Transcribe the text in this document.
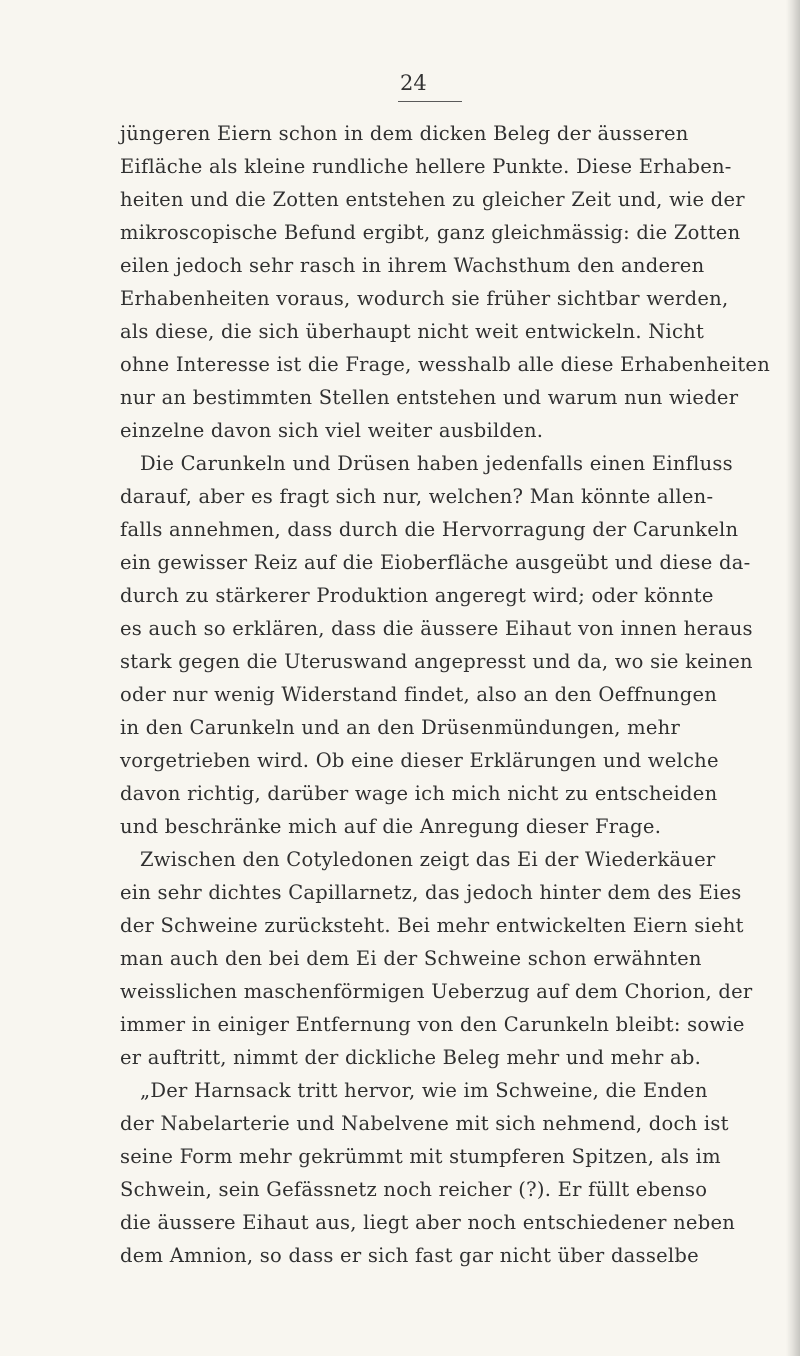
24
jüngeren Eiern schon in dem dicken Beleg der äusseren
Eifläche als kleine rundliche hellere Punkte. Diese Erhaben-
heiten und die Zotten entstehen zu gleicher Zeit und, wie der
mikroscopische Befund ergibt, ganz gleichmässig: die Zotten
eilen jedoch sehr rasch in ihrem Wachsthum den anderen
Erhabenheiten voraus, wodurch sie früher sichtbar werden,
als diese, die sich überhaupt nicht weit entwickeln. Nicht
ohne Interesse ist die Frage, wesshalb alle diese Erhabenheiten
nur an bestimmten Stellen entstehen und warum nun wieder
einzelne davon sich viel weiter ausbilden.
Die Carunkeln und Drüsen haben jedenfalls einen Einfluss
darauf, aber es fragt sich nur, welchen? Man könnte allen-
falls annehmen, dass durch die Hervorragung der Carunkeln
ein gewisser Reiz auf die Eioberfläche ausgeübt und diese da-
durch zu stärkerer Produktion angeregt wird; oder könnte
es auch so erklären, dass die äussere Eihaut von innen heraus
stark gegen die Uteruswand angepresst und da, wo sie keinen
oder nur wenig Widerstand findet, also an den Oeffnungen
in den Carunkeln und an den Drüsenmündungen, mehr
vorgetrieben wird. Ob eine dieser Erklärungen und welche
davon richtig, darüber wage ich mich nicht zu entscheiden
und beschränke mich auf die Anregung dieser Frage.
Zwischen den Cotyledonen zeigt das Ei der Wiederkäuer
ein sehr dichtes Capillarnetz, das jedoch hinter dem des Eies
der Schweine zurücksteht. Bei mehr entwickelten Eiern sieht
man auch den bei dem Ei der Schweine schon erwähnten
weisslichen maschenförmigen Ueberzug auf dem Chorion, der
immer in einiger Entfernung von den Carunkeln bleibt: sowie
er auftritt, nimmt der dickliche Beleg mehr und mehr ab.
„Der Harnsack tritt hervor, wie im Schweine, die Enden
der Nabelarterie und Nabelvene mit sich nehmend, doch ist
seine Form mehr gekrümmt mit stumpferen Spitzen, als im
Schwein, sein Gefässnetz noch reicher (?). Er füllt ebenso
die äussere Eihaut aus, liegt aber noch entschiedener neben
dem Amnion, so dass er sich fast gar nicht über dasselbe
